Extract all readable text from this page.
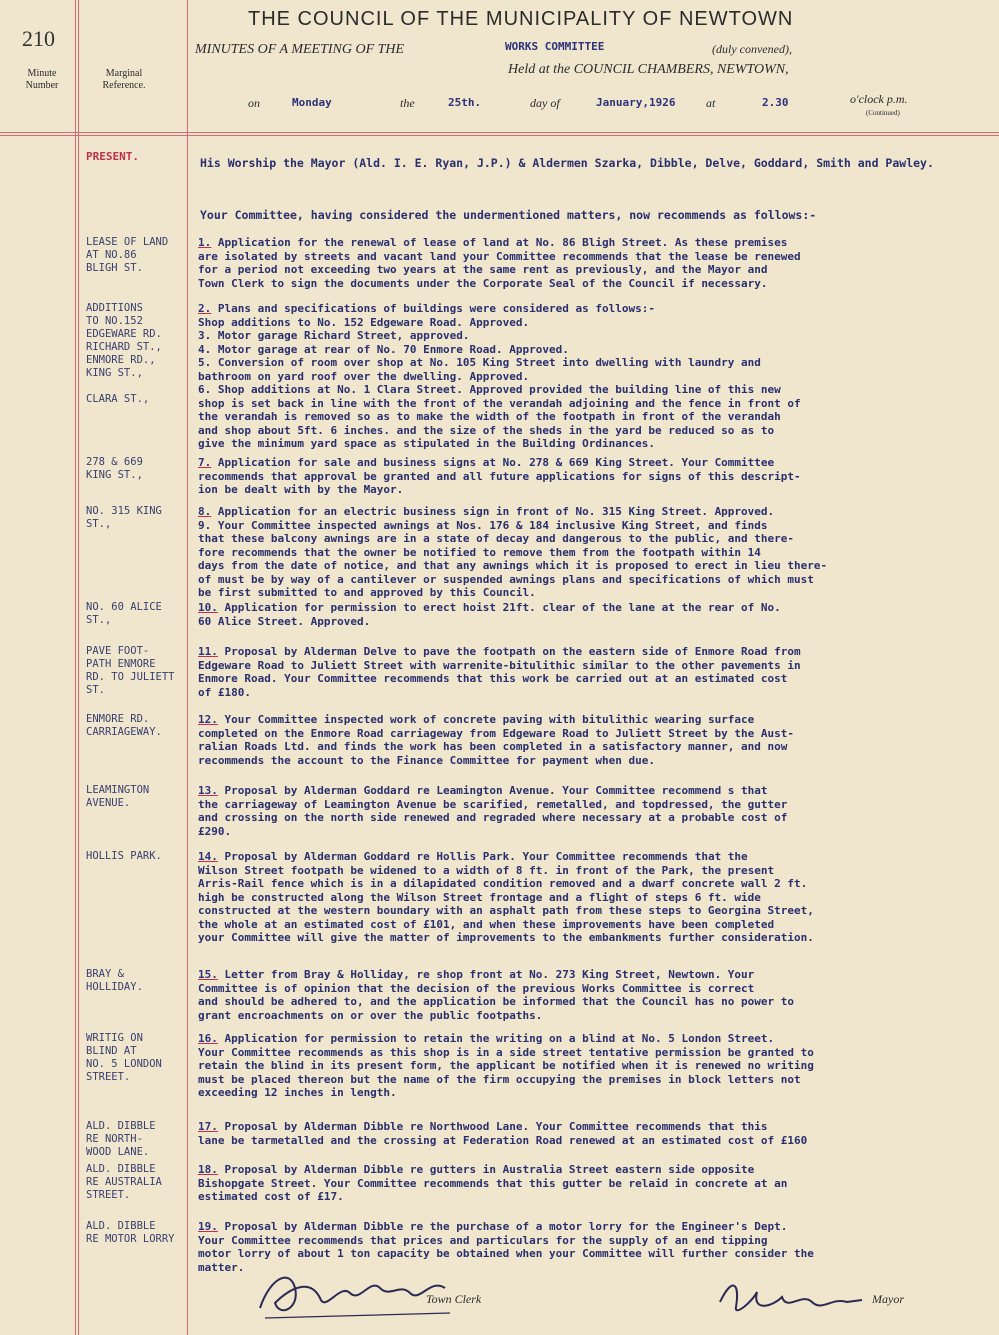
210
THE COUNCIL OF THE MUNICIPALITY OF NEWTOWN
MINUTES OF A MEETING OF THE	WORKS COMMITTEE	(duly convened),
Held at the COUNCIL CHAMBERS, NEWTOWN,
Minute
Number
Marginal
Reference.
on	Monday	the	25th.	day of	January,1926	at	2.30	o'clock p.m.
(Continued)
PRESENT.	His Worship the Mayor (Ald. I. E. Ryan, J.P.) & Aldermen Szarka, Dibble, Delve, Goddard, Smith and Pawley.
Your Committee, having considered the undermentioned matters, now recommends as follows:-
LEASE OF LAND
AT NO.86
BLIGH ST.
1. Application for the renewal of lease of land at No. 86 Bligh Street. As these premises
are isolated by streets and vacant land your Committee recommends that the lease be renewed
for a period not exceeding two years at the same rent as previously, and the Mayor and
Town Clerk to sign the documents under the Corporate Seal of the Council if necessary.
ADDITIONS
TO NO.152
EDGEWARE RD.
RICHARD ST.,
ENMORE RD.,
KING ST.,

CLARA ST.,
2. Plans and specifications of buildings were considered as follows:-
Shop additions to No. 152 Edgeware Road. Approved.
3. Motor garage Richard Street, approved.
4. Motor garage at rear of No. 70 Enmore Road. Approved.
5. Conversion of room over shop at No. 105 King Street into dwelling with laundry and
bathroom on yard roof over the dwelling. Approved.
6. Shop additions at No. 1 Clara Street. Approved provided the building line of this new
shop is set back in line with the front of the verandah adjoining and the fence in front of
the verandah is removed so as to make the width of the footpath in front of the verandah
and shop about 5ft. 6 inches. and the size of the sheds in the yard be reduced so as to
give the minimum yard space as stipulated in the Building Ordinances.
278 & 669
KING ST.,
7. Application for sale and business signs at No. 278 & 669 King Street. Your Committee
recommends that approval be granted and all future applications for signs of this descript-
ion be dealt with by the Mayor.
NO. 315 KING
ST.,
8. Application for an electric business sign in front of No. 315 King Street. Approved.
9. Your Committee inspected awnings at Nos. 176 & 184 inclusive King Street, and finds
that these balcony awnings are in a state of decay and dangerous to the public, and there-
fore recommends that the owner be notified to remove them from the footpath within 14
days from the date of notice, and that any awnings which it is proposed to erect in lieu there-
of must be by way of a cantilever or suspended awnings plans and specifications of which must
be first submitted to and approved by this Council.
NO. 60 ALICE
ST.,
10. Application for permission to erect hoist 21ft. clear of the lane at the rear of No.
60 Alice Street. Approved.
PAVE FOOT-
PATH ENMORE
RD. TO JULIETT
ST.
11. Proposal by Alderman Delve to pave the footpath on the eastern side of Enmore Road from
Edgeware Road to Juliett Street with warrenite-bitulithic similar to the other pavements in
Enmore Road. Your Committee recommends that this work be carried out at an estimated cost
of £180.
ENMORE RD.
CARRIAGEWAY.
12. Your Committee inspected work of concrete paving with bitulithic wearing surface
completed on the Enmore Road carriageway from Edgeware Road to Juliett Street by the Aust-
ralian Roads Ltd. and finds the work has been completed in a satisfactory manner, and now
recommends the account to the Finance Committee for payment when due.
LEAMINGTON
AVENUE.
13. Proposal by Alderman Goddard re Leamington Avenue. Your Committee recommend s that
the carriageway of Leamington Avenue be scarified, remetalled, and topdressed, the gutter
and crossing on the north side renewed and regraded where necessary at a probable cost of
£290.
HOLLIS PARK.	14. Proposal by Alderman Goddard re Hollis Park. Your Committee recommends that the
Wilson Street footpath be widened to a width of 8 ft. in front of the Park, the present
Arris-Rail fence which is in a dilapidated condition removed and a dwarf concrete wall 2 ft.
high be constructed along the Wilson Street frontage and a flight of steps 6 ft. wide
constructed at the western boundary with an asphalt path from these steps to Georgina Street,
the whole at an estimated cost of £101, and when these improvements have been completed
your Committee will give the matter of improvements to the embankments further consideration.
BRAY &
HOLLIDAY.
15. Letter from Bray & Holliday, re shop front at No. 273 King Street, Newtown. Your
Committee is of opinion that the decision of the previous Works Committee is correct
and should be adhered to, and the application be informed that the Council has no power to
grant encroachments on or over the public footpaths.
WRITIG ON
BLIND AT
NO. 5 LONDON
STREET.
16. Application for permission to retain the writing on a blind at No. 5 London Street.
Your Committee recommends as this shop is in a side street tentative permission be granted to
retain the blind in its present form, the applicant be notified when it is renewed no writing
must be placed thereon but the name of the firm occupying the premises in block letters not
exceeding 12 inches in length.
ALD. DIBBLE
RE NORTH-
WOOD LANE.
17. Proposal by Alderman Dibble re Northwood Lane. Your Committee recommends that this
lane be tarmetalled and the crossing at Federation Road renewed at an estimated cost of £160
ALD. DIBBLE
RE AUSTRALIA
STREET.
18. Proposal by Alderman Dibble re gutters in Australia Street eastern side opposite
Bishopgate Street. Your Committee recommends that this gutter be relaid in concrete at an
estimated cost of £17.
ALD. DIBBLE
RE MOTOR LORRY
19. Proposal by Alderman Dibble re the purchase of a motor lorry for the Engineer's Dept.
Your Committee recommends that prices and particulars for the supply of an end tipping
motor lorry of about 1 ton capacity be obtained when your Committee will further consider the
matter.
Town Clerk	Mayor
